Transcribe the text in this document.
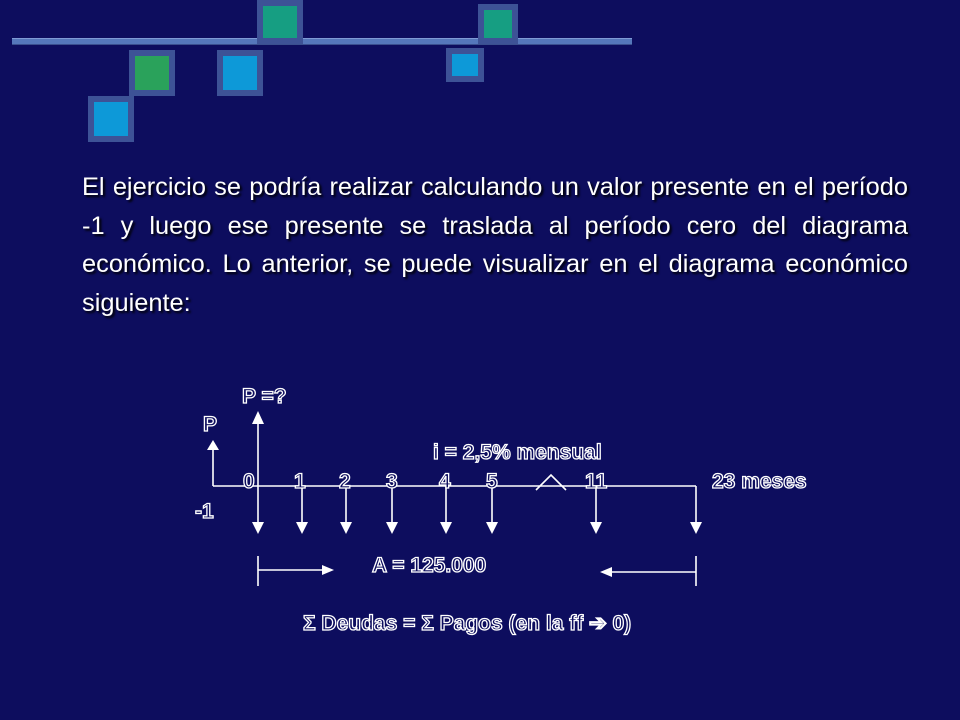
El ejercicio se podría realizar calculando un valor presente en el período -1 y luego ese presente se traslada al período cero del diagrama económico. Lo anterior, se puede visualizar en el diagrama económico siguiente:

P =?
P
i = 2,5% mensual
0 1 2 3 4 5	11	23 meses
-1
A = 125.000
Σ Deudas = Σ Pagos (en la ff ➔ 0)
